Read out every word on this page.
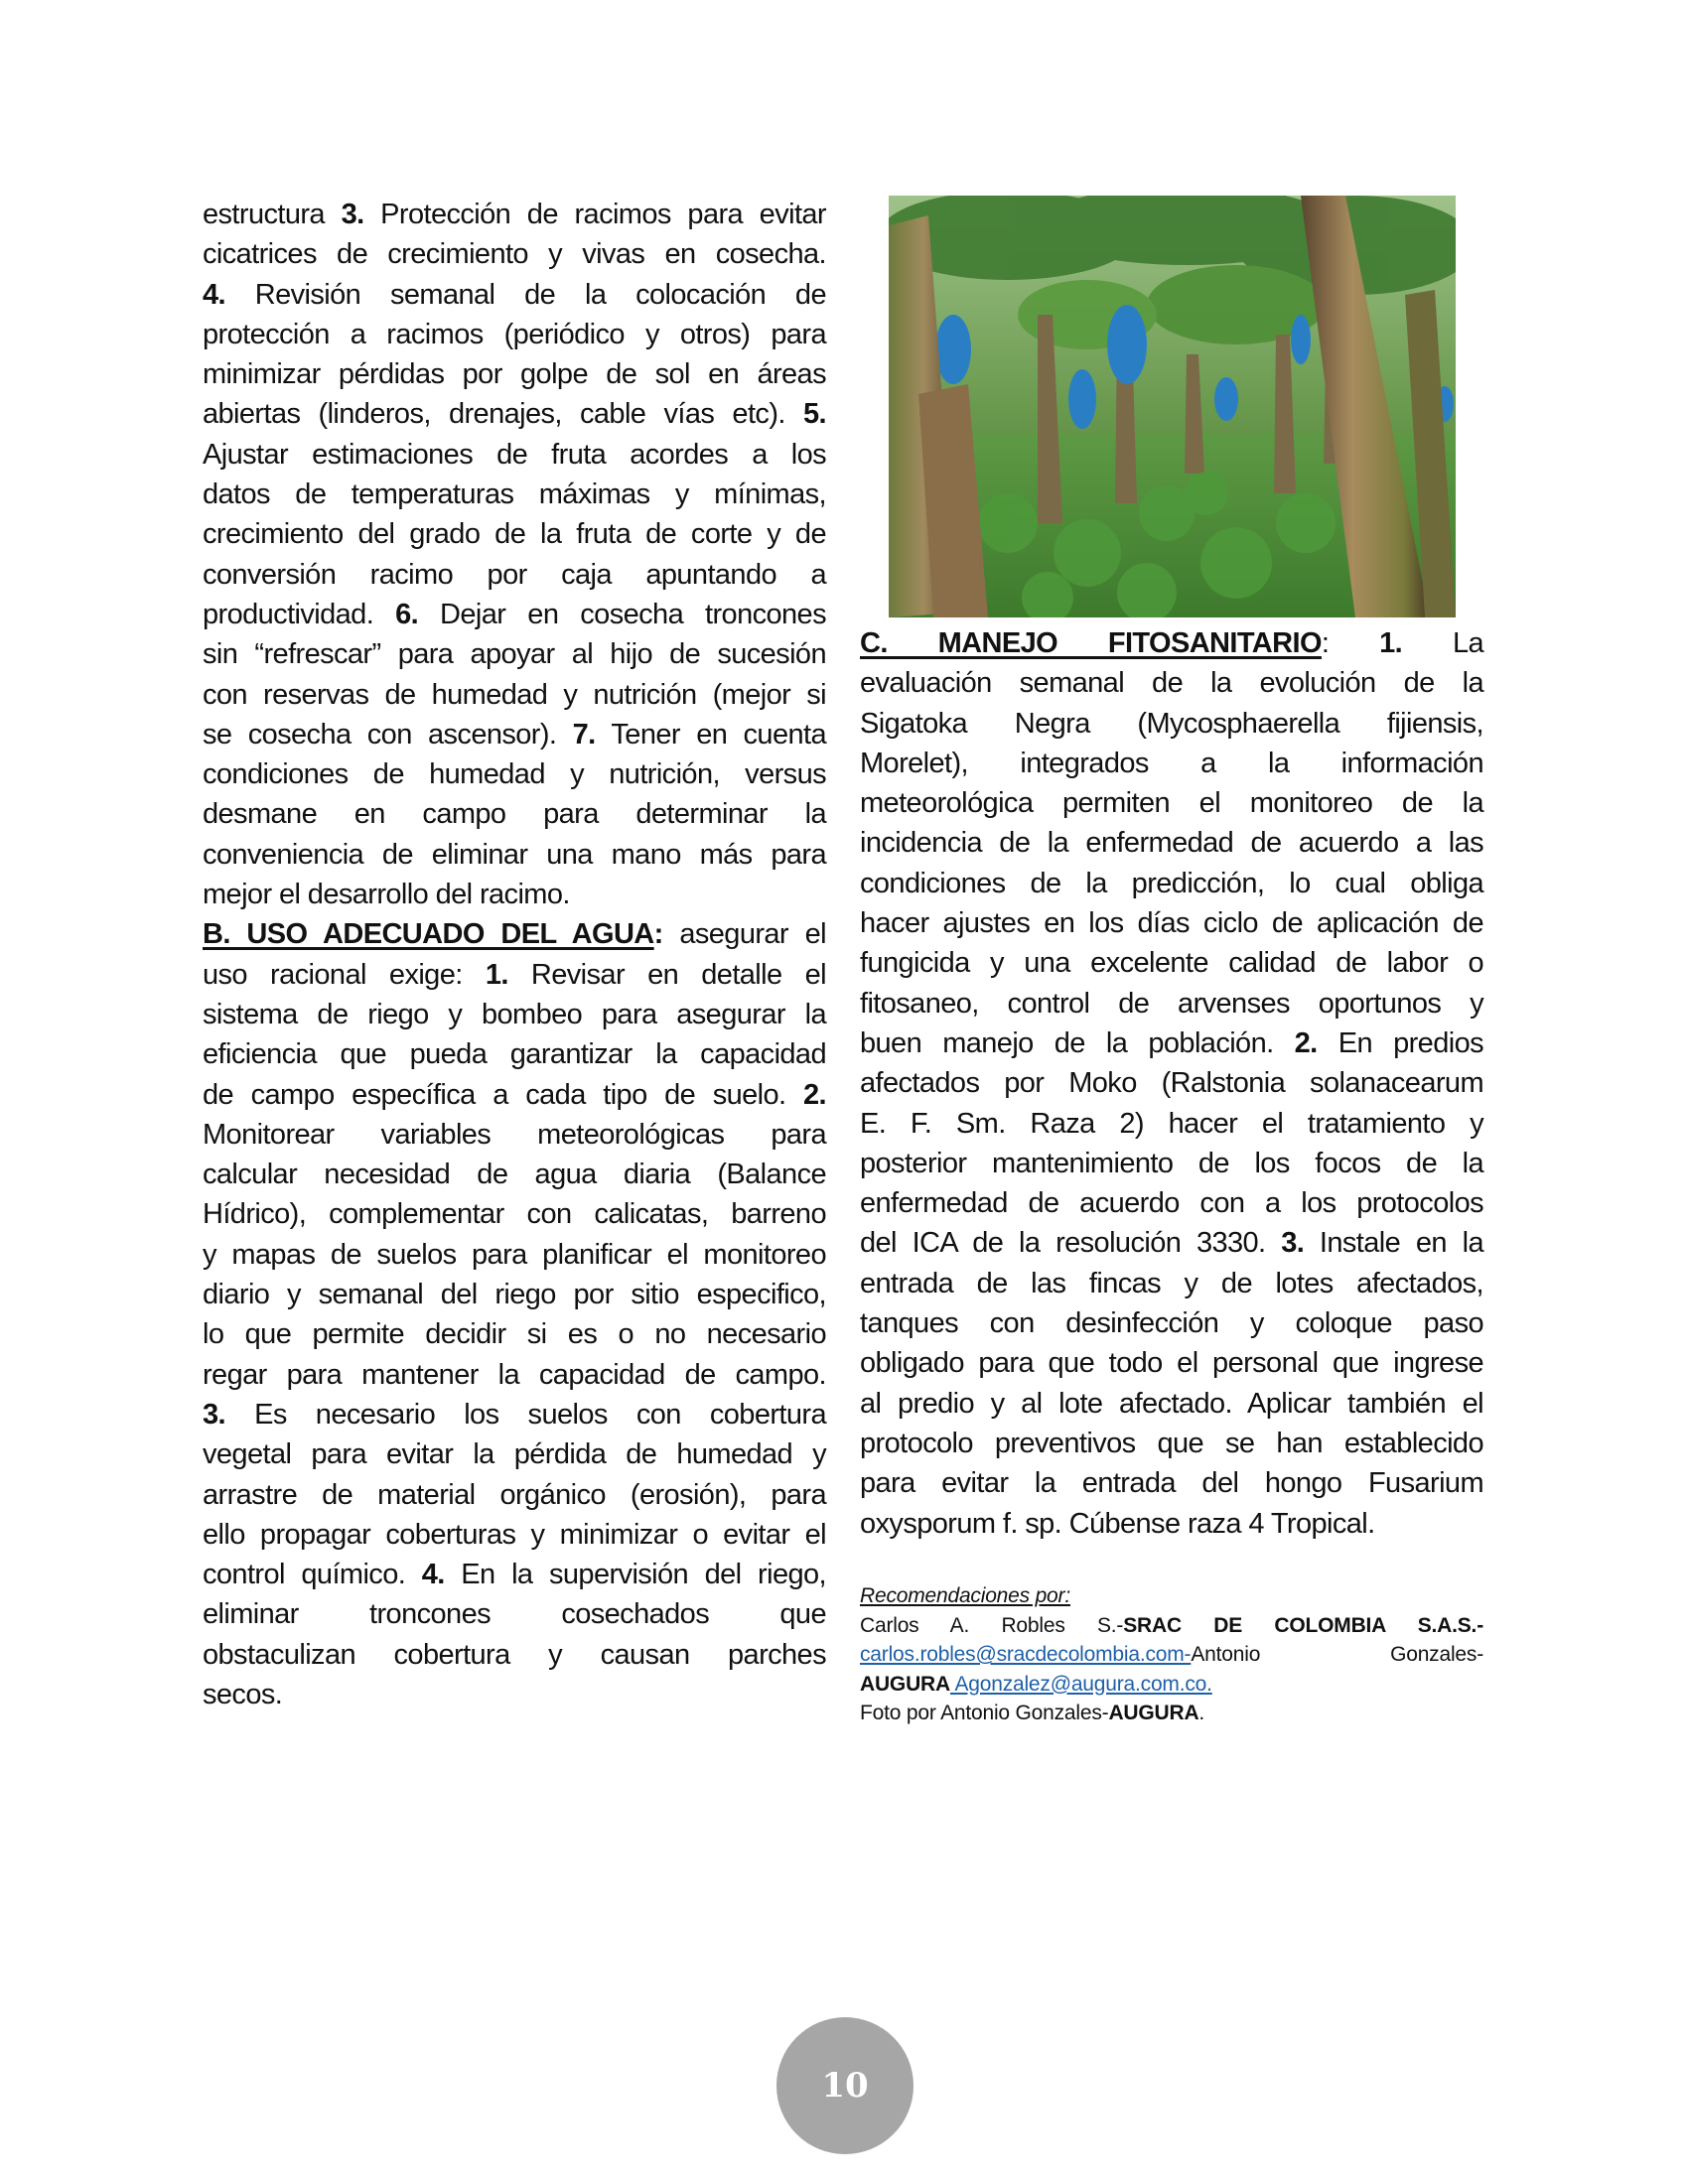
estructura 3. Protección de racimos para evitar
cicatrices de crecimiento y vivas en cosecha.
4. Revisión semanal de la colocación de
protección a racimos (periódico y otros) para
minimizar pérdidas por golpe de sol en áreas
abiertas (linderos, drenajes, cable vías etc). 5.
Ajustar estimaciones de fruta acordes a los
datos de temperaturas máximas y mínimas,
crecimiento del grado de la fruta de corte y de
conversión racimo por caja apuntando a
productividad. 6. Dejar en cosecha troncones
sin “refrescar” para apoyar al hijo de sucesión
con reservas de humedad y nutrición (mejor si
se cosecha con ascensor). 7. Tener en cuenta
condiciones de humedad y nutrición, versus
desmane en campo para determinar la
conveniencia de eliminar una mano más para
mejor el desarrollo del racimo.
B. USO ADECUADO DEL AGUA: asegurar el
uso racional exige: 1. Revisar en detalle el
sistema de riego y bombeo para asegurar la
eficiencia que pueda garantizar la capacidad
de campo específica a cada tipo de suelo. 2.
Monitorear variables meteorológicas para
calcular necesidad de agua diaria (Balance
Hídrico), complementar con calicatas, barreno
y mapas de suelos para planificar el monitoreo
diario y semanal del riego por sitio especifico,
lo que permite decidir si es o no necesario
regar para mantener la capacidad de campo.
3. Es necesario los suelos con cobertura
vegetal para evitar la pérdida de humedad y
arrastre de material orgánico (erosión), para
ello propagar coberturas y minimizar o evitar el
control químico. 4. En la supervisión del riego,
eliminar troncones cosechados que
obstaculizan cobertura y causan parches
secos.
C. MANEJO FITOSANITARIO: 1. La
evaluación semanal de la evolución de la
Sigatoka Negra (Mycosphaerella fijiensis,
Morelet), integrados a la información
meteorológica permiten el monitoreo de la
incidencia de la enfermedad de acuerdo a las
condiciones de la predicción, lo cual obliga
hacer ajustes en los días ciclo de aplicación de
fungicida y una excelente calidad de labor o
fitosaneo, control de arvenses oportunos y
buen manejo de la población. 2. En predios
afectados por Moko (Ralstonia solanacearum
E. F. Sm. Raza 2) hacer el tratamiento y
posterior mantenimiento de los focos de la
enfermedad de acuerdo con a los protocolos
del ICA de la resolución 3330. 3. Instale en la
entrada de las fincas y de lotes afectados,
tanques con desinfección y coloque paso
obligado para que todo el personal que ingrese
al predio y al lote afectado. Aplicar también el
protocolo preventivos que se han establecido
para evitar la entrada del hongo Fusarium
oxysporum f. sp. Cúbense raza 4 Tropical.
Recomendaciones por:
Carlos A. Robles S.-SRAC DE COLOMBIA S.A.S.-
carlos.robles@sracdecolombia.com-Antonio Gonzales-
AUGURA Agonzalez@augura.com.co.
Foto por Antonio Gonzales-AUGURA.
10
